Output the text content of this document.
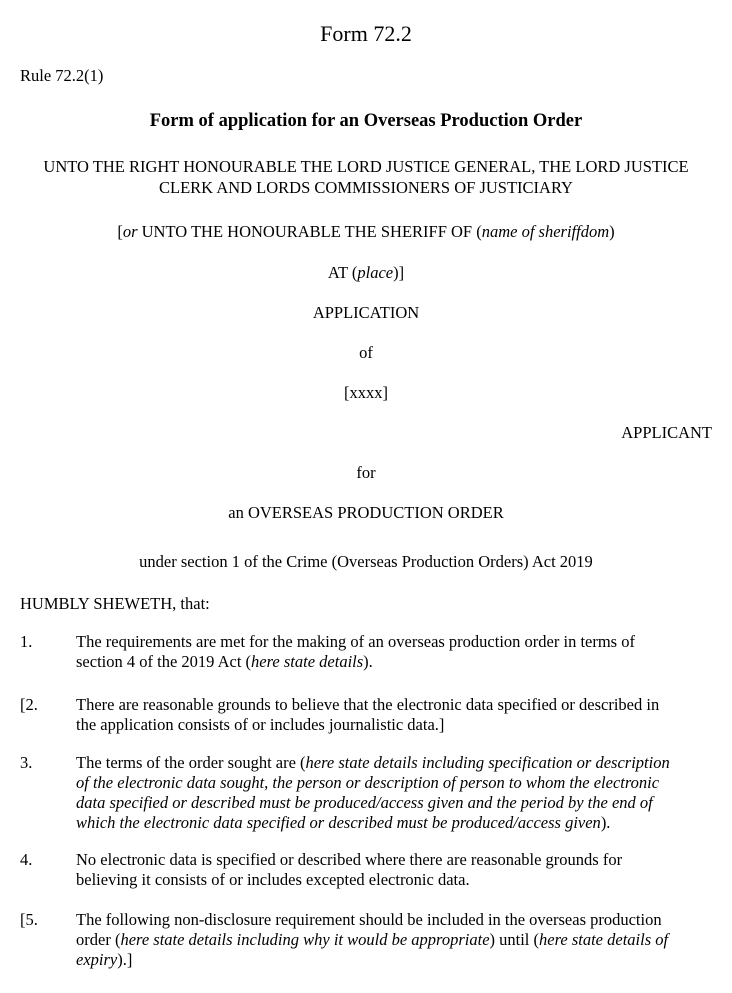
Form 72.2
Rule 72.2(1)
Form of application for an Overseas Production Order
UNTO THE RIGHT HONOURABLE THE LORD JUSTICE GENERAL, THE LORD JUSTICE
CLERK AND LORDS COMMISSIONERS OF JUSTICIARY
[or UNTO THE HONOURABLE THE SHERIFF OF (name of sheriffdom)
AT (place)]
APPLICATION
of
[xxxx]
APPLICANT
for
an OVERSEAS PRODUCTION ORDER
under section 1 of the Crime (Overseas Production Orders) Act 2019
HUMBLY SHEWETH, that:
1.	The requirements are met for the making of an overseas production order in terms of
section 4 of the 2019 Act (here state details).
[2.	There are reasonable grounds to believe that the electronic data specified or described in
the application consists of or includes journalistic data.]
3.	The terms of the order sought are (here state details including specification or description
of the electronic data sought, the person or description of person to whom the electronic
data specified or described must be produced/access given and the period by the end of
which the electronic data specified or described must be produced/access given).
4.	No electronic data is specified or described where there are reasonable grounds for
believing it consists of or includes excepted electronic data.
[5.	The following non-disclosure requirement should be included in the overseas production
order (here state details including why it would be appropriate) until (here state details of
expiry).]
